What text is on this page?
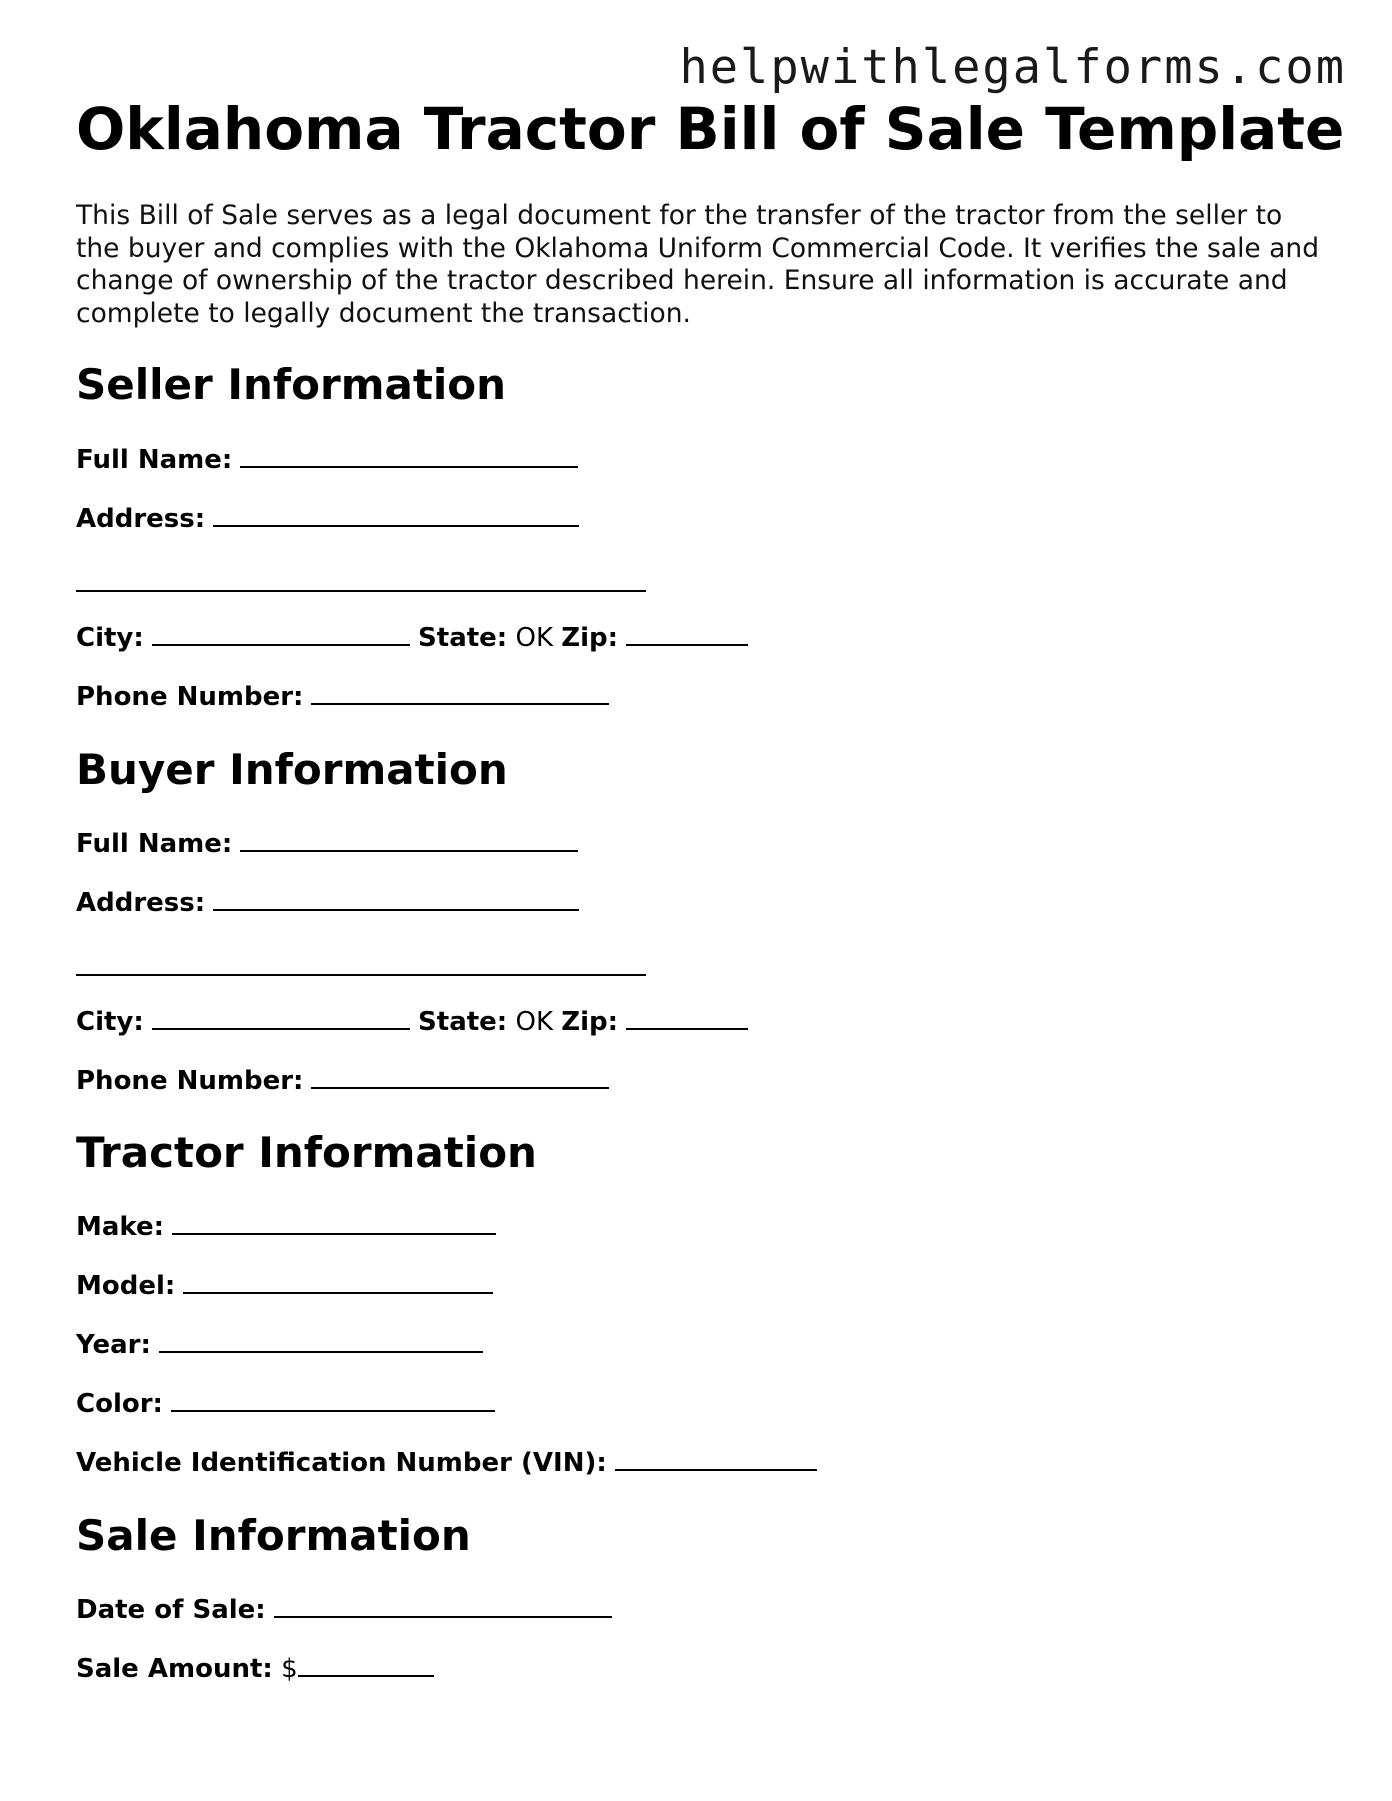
helpwithlegalforms.com
Oklahoma Tractor Bill of Sale Template
This Bill of Sale serves as a legal document for the transfer of the tractor from the seller to the buyer and complies with the Oklahoma Uniform Commercial Code. It verifies the sale and change of ownership of the tractor described herein. Ensure all information is accurate and complete to legally document the transaction.
Seller Information
Full Name:
Address:
City:	State: OK Zip:
Phone Number:
Buyer Information
Full Name:
Address:
City:	State: OK Zip:
Phone Number:
Tractor Information
Make:
Model:
Year:
Color:
Vehicle Identification Number (VIN):
Sale Information
Date of Sale:
Sale Amount: $
